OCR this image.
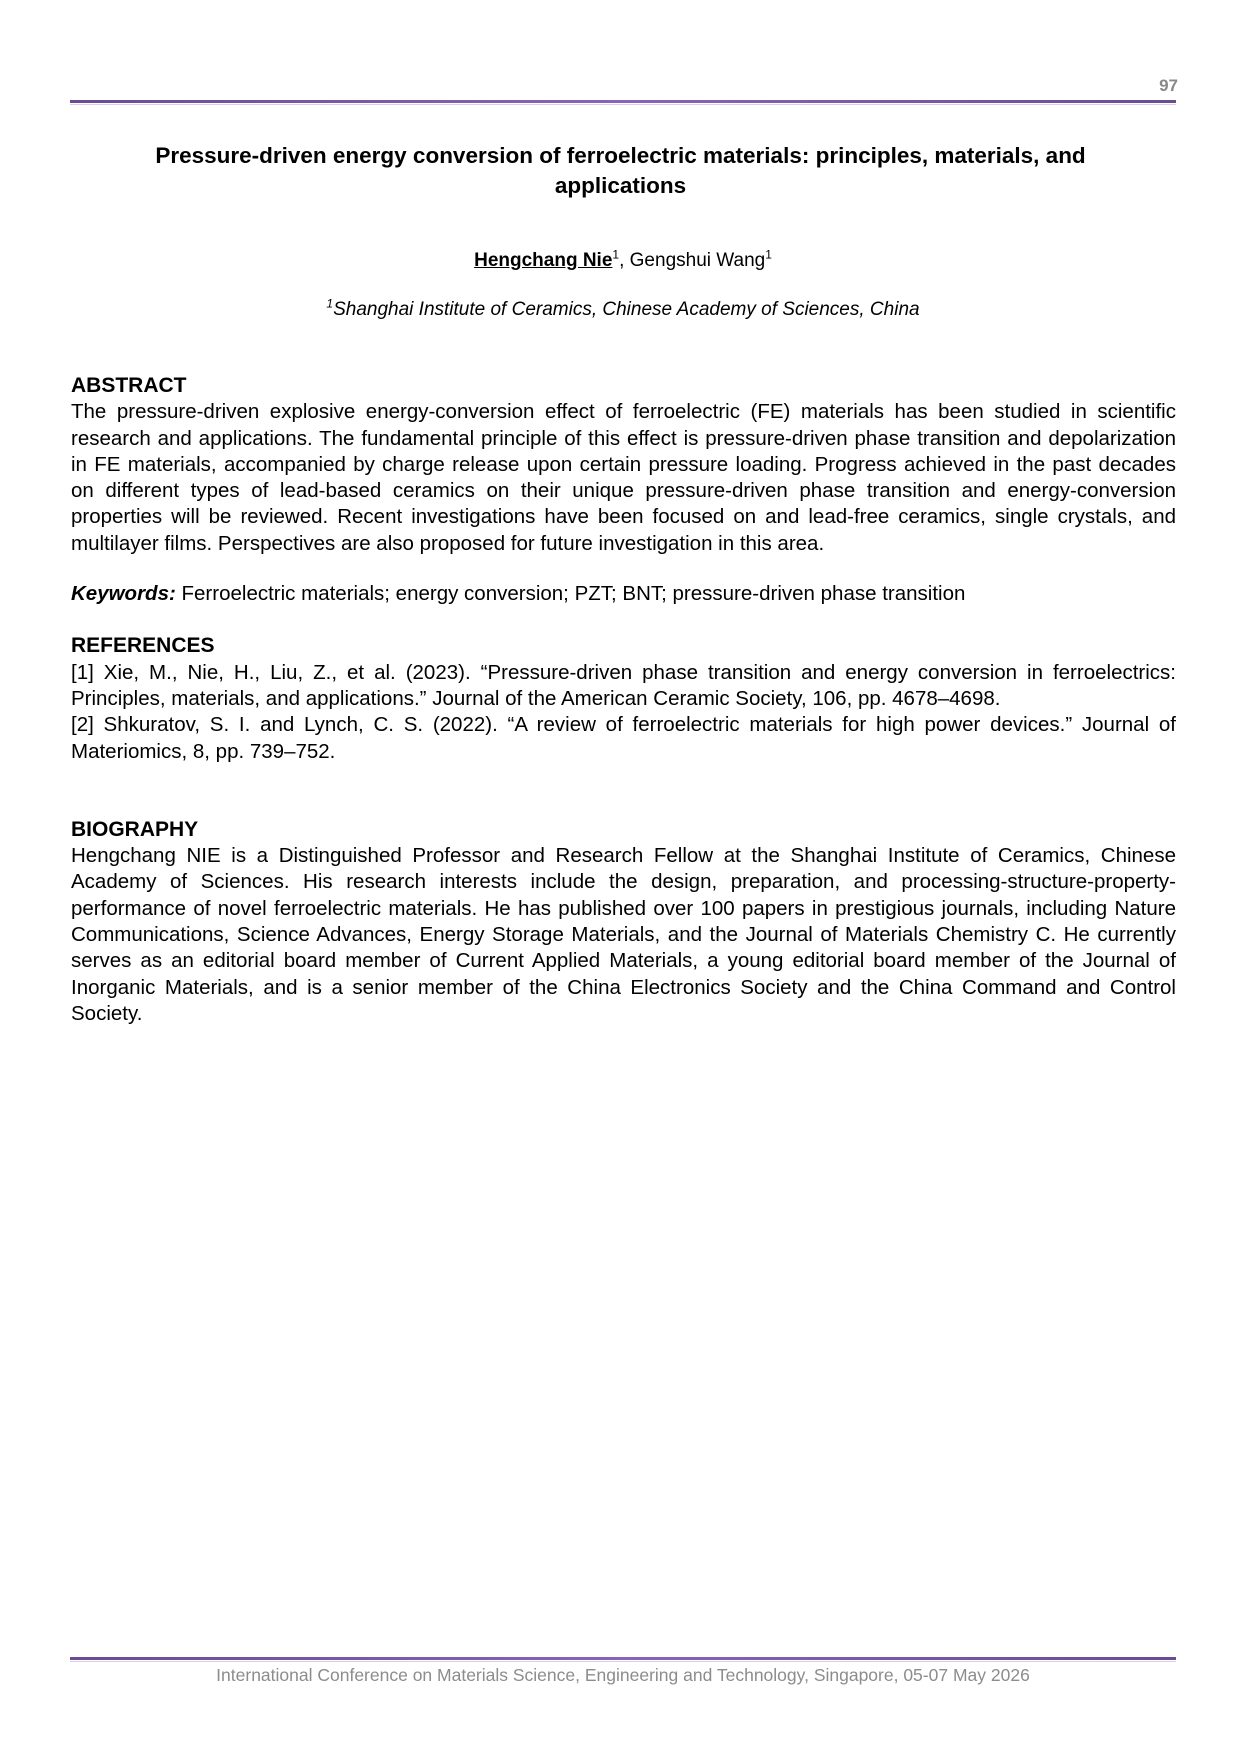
97
Pressure-driven energy conversion of ferroelectric materials: principles, materials, and applications
Hengchang Nie$^1$, Gengshui Wang$^1$
$^1$Shanghai Institute of Ceramics, Chinese Academy of Sciences, China
ABSTRACT

The pressure-driven explosive energy-conversion effect of ferroelectric (FE) materials has been studied in scientific research and applications. The fundamental principle of this effect is pressure-driven phase transition and depolarization in FE materials, accompanied by charge release upon certain pressure loading. Progress achieved in the past decades on different types of lead-based ceramics on their unique pressure-driven phase transition and energy-conversion properties will be reviewed. Recent investigations have been focused on and lead-free ceramics, single crystals, and multilayer films. Perspectives are also proposed for future investigation in this area.

Keywords: Ferroelectric materials; energy conversion; PZT; BNT; pressure-driven phase transition

REFERENCES

[1] Xie, M., Nie, H., Liu, Z., et al. (2023). “Pressure-driven phase transition and energy conversion in ferroelectrics: Principles, materials, and applications.” Journal of the American Ceramic Society, 106, pp. 4678–4698.

[2] Shkuratov, S. I. and Lynch, C. S. (2022). “A review of ferroelectric materials for high power devices.” Journal of Materiomics, 8, pp. 739–752.

BIOGRAPHY

Hengchang NIE is a Distinguished Professor and Research Fellow at the Shanghai Institute of Ceramics, Chinese Academy of Sciences. His research interests include the design, preparation, and processing-structure-property-performance of novel ferroelectric materials. He has published over 100 papers in prestigious journals, including Nature Communications, Science Advances, Energy Storage Materials, and the Journal of Materials Chemistry C. He currently serves as an editorial board member of Current Applied Materials, a young editorial board member of the Journal of Inorganic Materials, and is a senior member of the China Electronics Society and the China Command and Control Society.

International Conference on Materials Science, Engineering and Technology, Singapore, 05-07 May 2026
